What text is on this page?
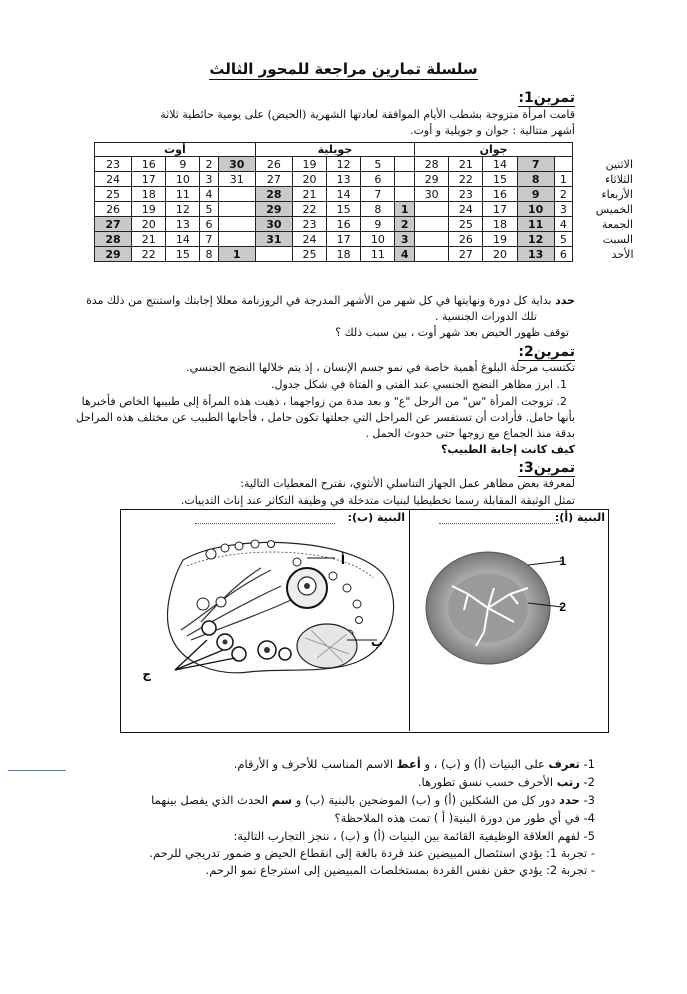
سلسلة تمارين مراجعة للمحور الثالث
تمرين1:
قامت امرأة متزوجة بشطب الأيام الموافقة لعادتها الشهرية (الحيض) على يومية حائطية ثلاثة
أشهر متتالية : جوان و جويلية و أوت.
أوت					جويلية					جوان					
23	16	9	2	30	26	19	12	5		28	21	14	7		الاثنين
24	17	10	3	31	27	20	13	6		29	22	15	8	1	الثلاثاء
25	18	11	4		28	21	14	7		30	23	16	9	2	الأربعاء
26	19	12	5		29	22	15	8	1		24	17	10	3	الخميس
27	20	13	6		30	23	16	9	2		25	18	11	4	الجمعة
28	21	14	7		31	24	17	10	3		26	19	12	5	السبت
29	22	15	8	1		25	18	11	4		27	20	13	6	الأحد
حدد بداية كل دورة ونهايتها في كل شهر من الأشهر المدرجة في الروزنامة معللا إجابتك واستنتج من ذلك مدة
تلك الدورات الجنسية .
توقف ظهور الحيض بعد شهر أوت ، بين سبب ذلك ؟
تمرين2:
تكتسب مرحلة البلوغ أهمية خاصة في نمو جسم الإنسان ، إذ يتم خلالها النضج الجنسي.
1. ابرز مظاهر النضج الجنسي عند الفتى و الفتاة في شكل جدول.
2. تزوجت المرأة "س" من الرجل "ع" و بعد مدة من زواجهما ، ذهبت هذه المرأة إلى طبيبها الخاص فأخبرها
بأنها حامل. فأرادت أن تستفسر عن المراحل التي جعلتها تكون حامل ، فأجابها الطبيب عن مختلف هذه المراحل
بدقة منذ الجماع مع زوجها حتى حدوث الحمل .
كيف كانت إجابة الطبيب؟
تمرين3:
لمعرفة بعض مظاهر عمل الجهاز التناسلي الأنثوي، نقترح المعطيات التالية:
تمثل الوثيقة المقابلة رسما تخطيطيا لبنيات متدخلة في وظيفة التكاثر عند إناث الثدييات.
البنية (أ):
البنية (ب):
1
2
أ
ب
ج
1- تعرف على البنيات (أ) و (ب) ، و أعط الاسم المناسب للأحرف و الأرقام.
2- رتب الأحرف حسب نسق تطورها.
3- حدد دور كل من الشكلين (أ) و (ب) الموضحين بالبنية (ب) و سم الحدث الذي يفصل بينهما
4- في أي طور من دورة البنية( أ ) تمت هذه الملاحظة؟
5- لفهم العلاقة الوظيفية القائمة بين البنيات (أ) و (ب) ، ننجز التجارب التالية:
- تجربة 1: يؤدي استئصال المبيضين عند قردة بالغة إلى انقطاع الحيض و ضمور تدريجي للرحم.
- تجربة 2: يؤدي حقن نفس القردة بمستخلصات المبيضين إلى استرجاع نمو الرحم.
